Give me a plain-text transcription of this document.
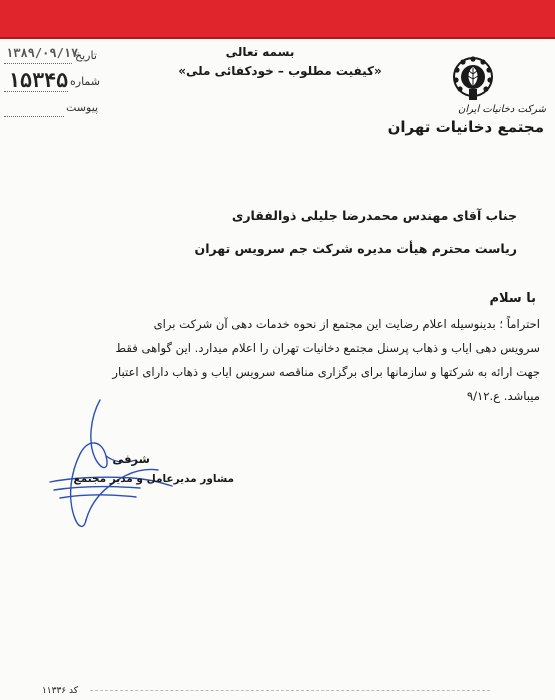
تاریخ
۱۳۸۹/۰۹/۱۷
شماره
۱۵۳۴۵
پیوست
بسمه تعالی
«کیفیت مطلوب – خودکفائی ملی»
شرکت دخانیات ایران
مجتمع دخانیات تهران
جناب آقای مهندس محمدرضا جلیلی ذوالفقاری
ریاست محترم هیأت مدیره شرکت جم سرویس تهران
با سلام
احتراماً ؛ بدینوسیله اعلام رضایت این مجتمع از نحوه خدمات دهی آن شرکت برای
سرویس دهی ایاب و ذهاب پرسنل مجتمع دخانیات تهران را اعلام میدارد. این گواهی فقط
جهت ارائه به شرکتها و سازمانها برای برگزاری مناقصه سرویس ایاب و ذهاب دارای اعتبار
میباشد. ع.۹/۱۲
شرفی
مشاور مدیرعامل و مدیر مجتمع
کد ۱۱۳۳۶
